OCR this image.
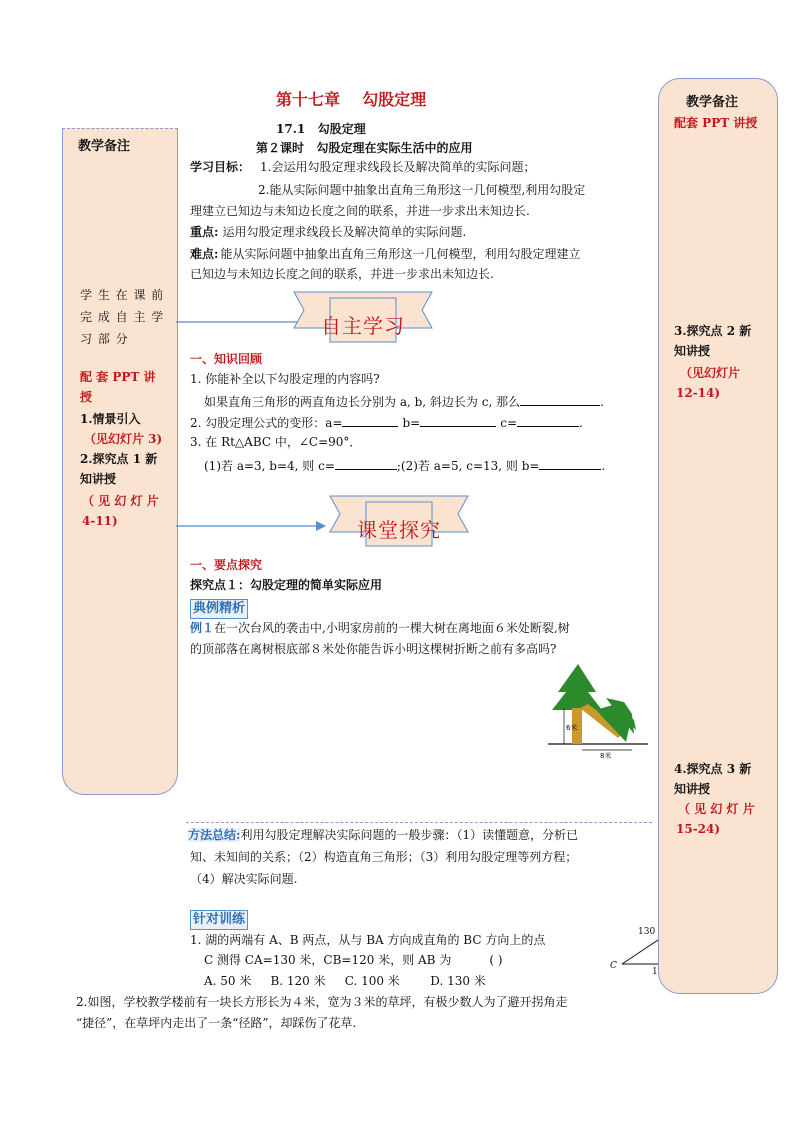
教学备注
学 生 在 课 前
完 成 自 主 学
习 部 分
配 套 PPT 讲
授
1.情景引入
（见幻灯片 3)
2.探究点 1 新
知讲授
（ 见 幻 灯 片
4-11)
教学备注
配套 PPT 讲授
3.探究点 2 新
知讲授
（见幻灯片
12-14)
4.探究点 3 新
知讲授
（ 见 幻 灯 片
15-24)
第十七章    勾股定理
17.1   勾股定理
第２课时   勾股定理在实际生活中的应用
学习目标： 1.会运用勾股定理求线段长及解决简单的实际问题；
2.能从实际问题中抽象出直角三角形这一几何模型,利用勾股定
理建立已知边与未知边长度之间的联系，并进一步求出未知边长.
重点: 运用勾股定理求线段长及解决简单的实际问题.
难点: 能从实际问题中抽象出直角三角形这一几何模型，利用勾股定理建立
已知边与未知边长度之间的联系，并进一步求出未知边长.
自主学习
一、知识回顾
1. 你能补全以下勾股定理的内容吗?
如果直角三角形的两直角边长分别为 a, b, 斜边长为 c, 那么	.
2. 勾股定理公式的变形：a=	b=	c=	.
3. 在 Rt△ABC 中，∠C=90°．
(1)若 a=3, b=4, 则 c=	;(2)若 a=5, c=13, 则 b=	.
课堂探究
一、要点探究
探究点１：勾股定理的简单实际应用
典例精析
例１在一次台风的袭击中,小明家房前的一棵大树在离地面６米处断裂,树
的顶部落在离树根底部８米处你能告诉小明这棵树折断之前有多高吗?
6米
8米
方法总结:利用勾股定理解决实际问题的一般步骤：（1）读懂题意，分析已
知、未知间的关系；（2）构造直角三角形；（3）利用勾股定理等列方程；
（4）解决实际问题.
针对训练
1. 湖的两端有 A、B 两点，从与 BA 方向成直角的 BC 方向上的点
C 测得 CA=130 米，CB=120 米，则 AB 为	( )
A. 50 米     B. 120 米     C. 100 米        D. 130 米
130
C
1
2.如图，学校教学楼前有一块长方形长为４米，宽为３米的草坪，有极少数人为了避开拐角走
“捷径”，在草坪内走出了一条“径路”，却踩伤了花草.
